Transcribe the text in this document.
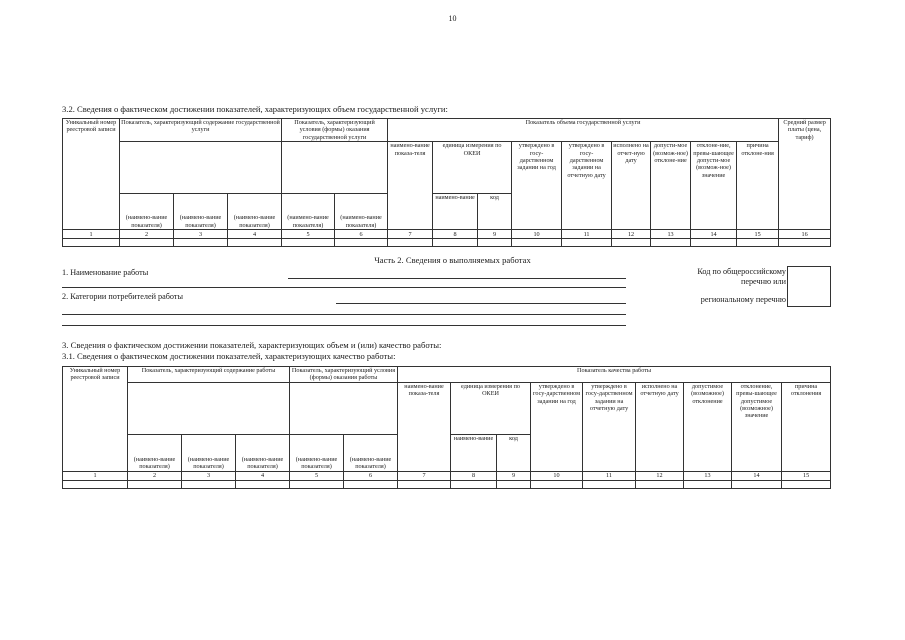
10
3.2. Сведения о фактическом достижении показателей, характеризующих объем государственной услуги:
Уникальный номер реестровой записи	Показатель, характеризующий содержание государственной услуги			Показатель, характеризующий условия (формы) оказания государственной услуги		Показатель объема государственной услуги									Средний размер платы (цена, тариф)
						наимено-вание показа-теля	единица измерения по ОКЕИ		утверждено в госу-дарственном задании на год	утверждено в госу-дарственном задании на отчетную дату	исполнено на отчет-ную дату	допусти-мое (возмож-ное) отклоне-ние	отклоне-ние, превы-шающее допусти-мое (возмож-ное) значение	причина отклоне-ния	
	(наимено-вание показателя)	(наимено-вание показателя)	(наимено-вание показателя)	(наимено-вание показателя)	(наимено-вание показателя)		наимено-вание	код							
1	2	3	4	5	6	7	8	9	10	11	12	13	14	15	16

Часть 2. Сведения о выполняемых работах
1. Наименование работы
2. Категории потребителей работы
Код по общероссийскому
перечню или
региональному перечню
3. Сведения о фактическом достижении показателей, характеризующих объем и (или) качество работы:
3.1. Сведения о фактическом достижении показателей, характеризующих качество работы:
Уникальный номер реестровой записи	Показатель, характеризующий содержание работы			Показатель, характеризующий условия (формы) оказания работы		Показатель качества работы								
						наимено-вание показа-теля	единица измерения по ОКЕИ		утверждено в госу-дарственном задании на год	утверждено в госу-дарственном задании на отчетную дату	исполнено на отчетную дату	допустимое (возможное) отклонение	отклонение, превы-шающее допустимое (возможное) значение	причина отклонения
	(наимено-вание показателя)	(наимено-вание показателя)	(наимено-вание показателя)	(наимено-вание показателя)	(наимено-вание показателя)		наимено-вание	код						
1	2	3	4	5	6	7	8	9	10	11	12	13	14	15
